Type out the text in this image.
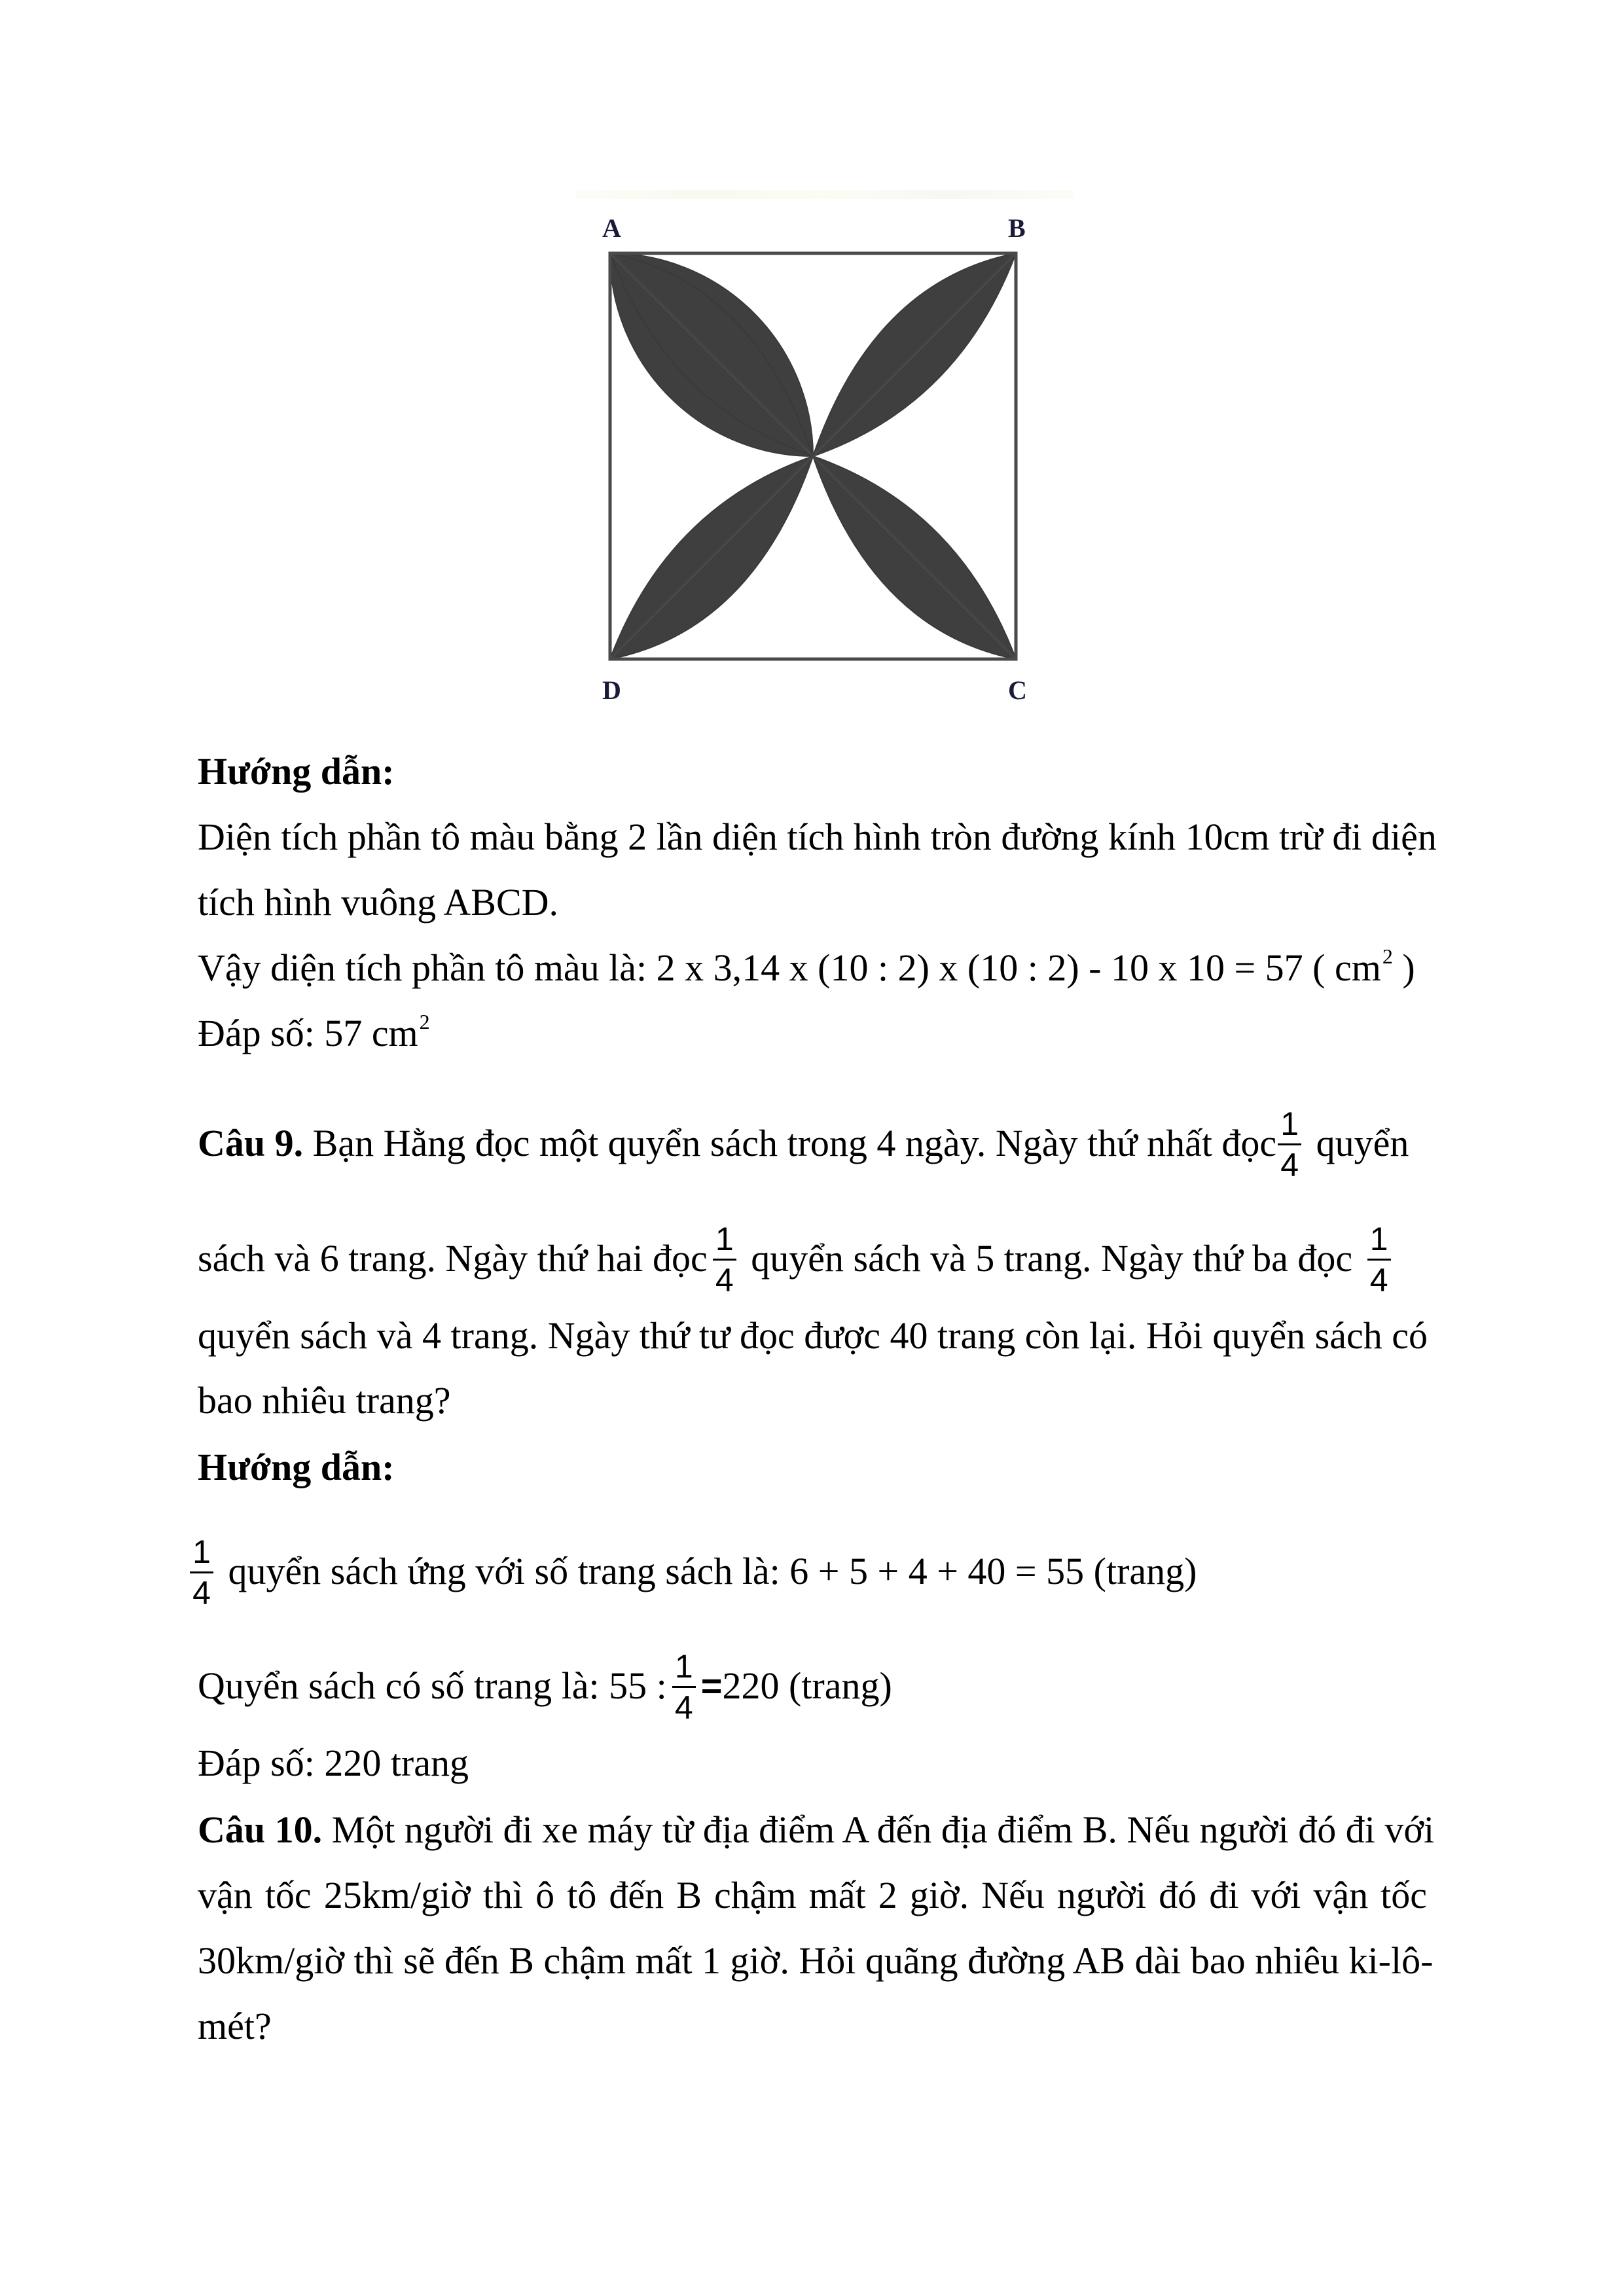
A	B
C
D
Hướng dẫn:
Diện tích phần tô màu bằng 2 lần diện tích hình tròn đường kính 10cm trừ đi diện
tích hình vuông ABCD.
Vậy diện tích phần tô màu là: 2 x 3,14 x (10 : 2) x (10 : 2) - 10 x 10 = 57 ( $cm^2$ )
Đáp số: 57 $cm^2$
Câu 9. Bạn Hằng đọc một quyển sách trong 4 ngày. Ngày thứ nhất đọc $\frac{1}{4}$ quyển
sách và 6 trang. Ngày thứ hai đọc $\frac{1}{4}$ quyển sách và 5 trang. Ngày thứ ba đọc $\frac{1}{4}$
quyển sách và 4 trang. Ngày thứ tư đọc được 40 trang còn lại. Hỏi quyển sách có
bao nhiêu trang?
Hướng dẫn:
$\frac{1}{4}$ quyển sách ứng với số trang sách là: 6 + 5 + 4 + 40 = 55 (trang)
Quyển sách có số trang là: 55 : $\frac{1}{4} =220$ (trang)
Đáp số: 220 trang
Câu 10. Một người đi xe máy từ địa điểm A đến địa điểm B. Nếu người đó đi với
vận tốc 25km/giờ thì ô tô đến B chậm mất 2 giờ. Nếu người đó đi với vận tốc
30km/giờ thì sẽ đến B chậm mất 1 giờ. Hỏi quãng đường AB dài bao nhiêu ki-lô-
mét?
